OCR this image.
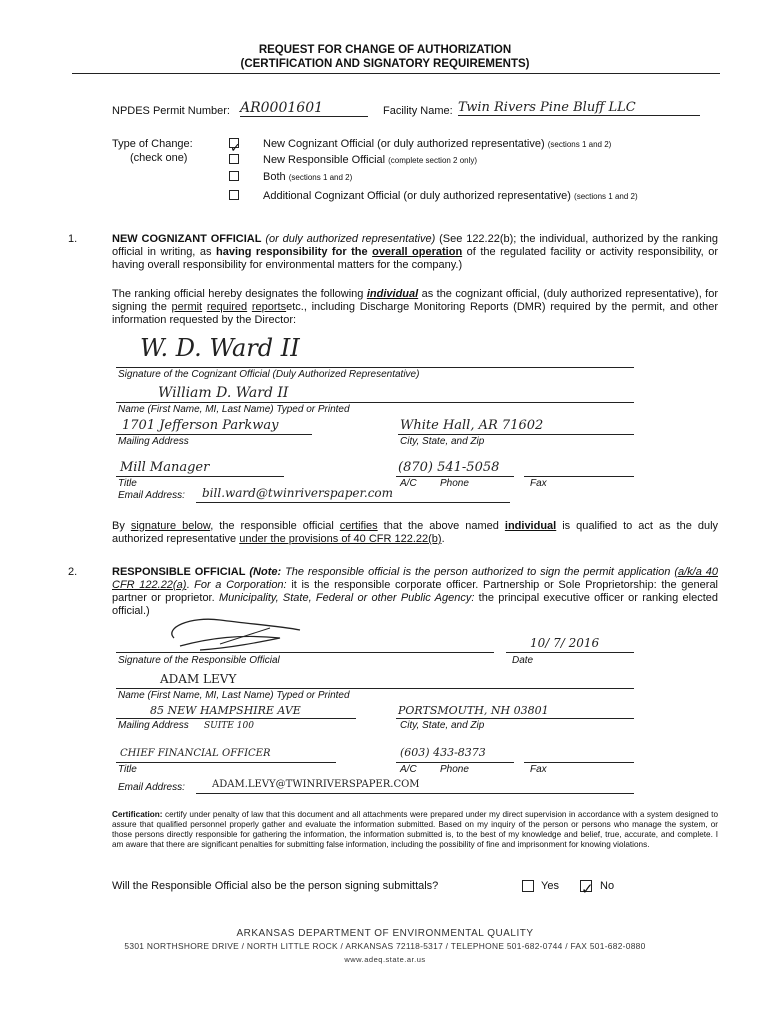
REQUEST FOR CHANGE OF AUTHORIZATION
(CERTIFICATION AND SIGNATORY REQUIREMENTS)
NPDES Permit Number: AR0001601	Facility Name: Twin Rivers Pine Bluff LLC
Type of Change:
(check one)
✓ New Cognizant Official (or duly authorized representative) (sections 1 and 2)
New Responsible Official (complete section 2 only)
Both (sections 1 and 2)
Additional Cognizant Official (or duly authorized representative) (sections 1 and 2)
1.	NEW COGNIZANT OFFICIAL (or duly authorized representative) (See 122.22(b); the individual, authorized by the ranking official in writing, as having responsibility for the overall operation of the regulated facility or activity responsibility, or having overall responsibility for environmental matters for the company.)
The ranking official hereby designates the following individual as the cognizant official, (duly authorized representative), for signing the permit required reportsetc., including Discharge Monitoring Reports (DMR) required by the permit, and other information requested by the Director:
W. D. Ward II
Signature of the Cognizant Official (Duly Authorized Representative)
William D. Ward II
Name (First Name, MI, Last Name) Typed or Printed
1701 Jefferson Parkway
Mailing Address
White Hall, AR 71602
City, State, and Zip
Mill Manager
Title
(870) 541-5058
A/C Phone	Fax
Email Address: bill.ward@twinriverspaper.com
By signature below, the responsible official certifies that the above named individual is qualified to act as the duly authorized representative under the provisions of 40 CFR 122.22(b).
2.	RESPONSIBLE OFFICIAL (Note: The responsible official is the person authorized to sign the permit application (a/k/a 40 CFR 122.22(a). For a Corporation: it is the responsible corporate officer. Partnership or Sole Proprietorship: the general partner or proprietor. Municipality, State, Federal or other Public Agency: the principal executive officer or ranking elected official.)
10/ 7/ 2016
Signature of the Responsible Official	Date
ADAM LEVY
Name (First Name, MI, Last Name) Typed or Printed
85 NEW HAMPSHIRE AVE
Mailing Address SUITE 100
PORTSMOUTH, NH 03801
City, State, and Zip
CHIEF FINANCIAL OFFICER
Title
(603) 433-8373
A/C Phone	Fax
Email Address:	ADAM.LEVY@TWINRIVERSPAPER.COM
Certification: certify under penalty of law that this document and all attachments were prepared under my direct supervision in accordance with a system designed to assure that qualified personnel properly gather and evaluate the information submitted. Based on my inquiry of the person or persons who manage the system, or those persons directly responsible for gathering the information, the information submitted is, to the best of my knowledge and belief, true, accurate, and complete. I am aware that there are significant penalties for submitting false information, including the possibility of fine and imprisonment for knowing violations.
Will the Responsible Official also be the person signing submittals?	Yes ✓ No
ARKANSAS DEPARTMENT OF ENVIRONMENTAL QUALITY
5301 NORTHSHORE DRIVE / NORTH LITTLE ROCK / ARKANSAS 72118-5317 / TELEPHONE 501-682-0744 / FAX 501-682-0880
www.adeq.state.ar.us
